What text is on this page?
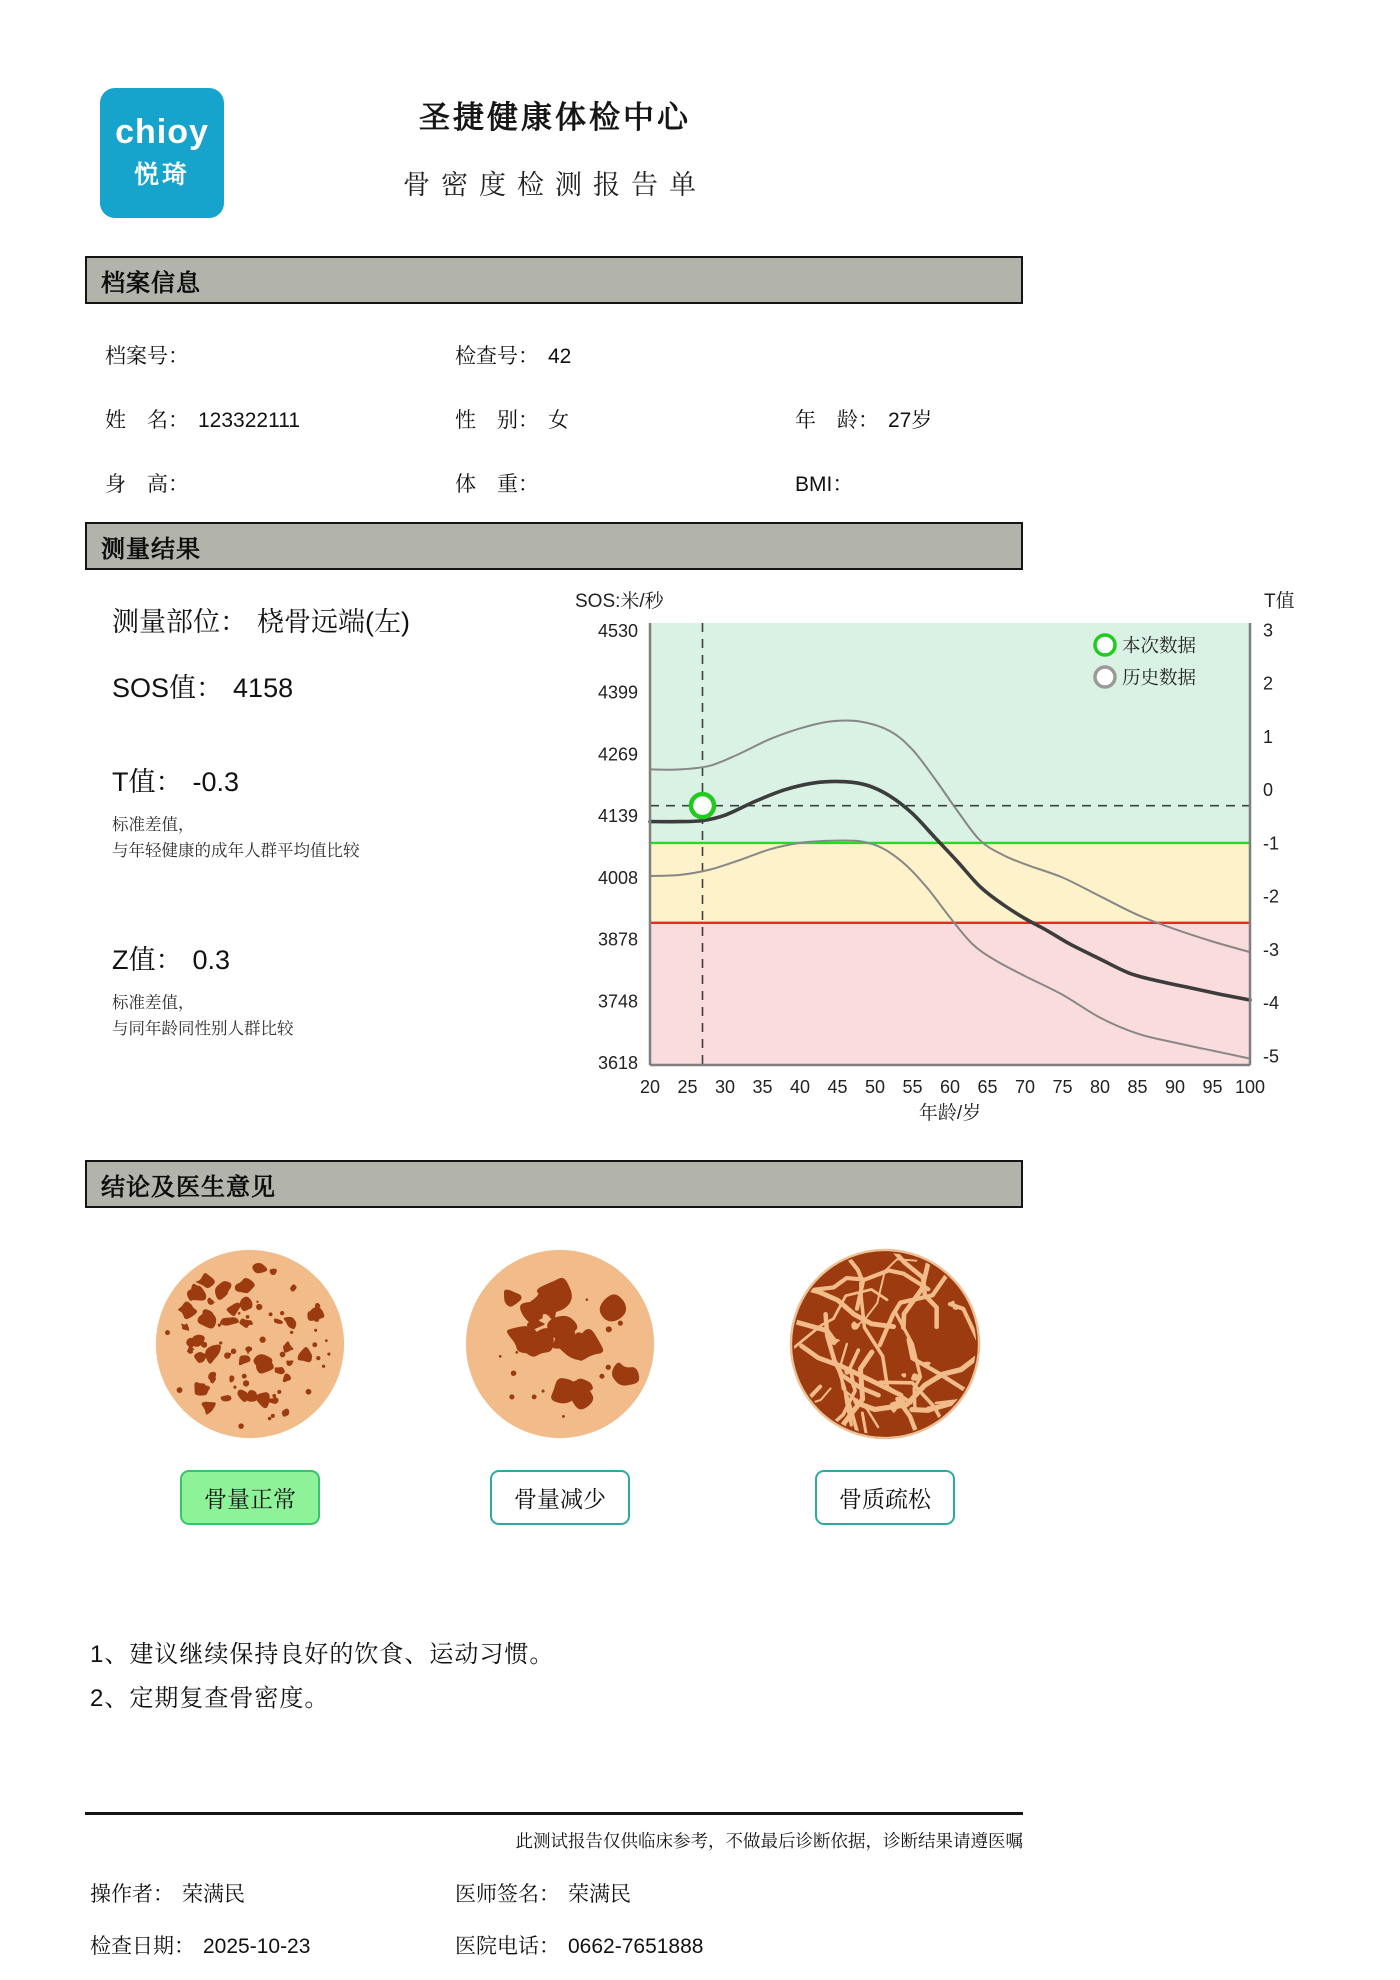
chioy
悦琦
圣捷健康体检中心
骨密度检测报告单
档案信息
档案号：	检查号： 42
姓　名： 123322111	性　别： 女	年　龄： 27岁
身　高：	体　重：	BMI：
测量结果
测量部位： 桡骨远端(左)
SOS值： 4158
T值： -0.3
标准差值，
与年轻健康的成年人群平均值比较
Z值： 0.3
标准差值，
与同年龄同性别人群比较
SOS:米/秒	T值
4530
4399
4269
4139
4008
3878
3748
3618
3
2
1
0
-1
-2
-3
-4
-5
20 25 30 35 40 45 50 55 60 65 70 75 80 85 90 95 100
年龄/岁
本次数据
历史数据
结论及医生意见
骨量正常	骨量减少	骨质疏松
1、建议继续保持良好的饮食、运动习惯。
2、定期复查骨密度。
此测试报告仅供临床参考，不做最后诊断依据，诊断结果请遵医嘱
操作者： 荣满民	医师签名： 荣满民
检查日期： 2025-10-23	医院电话： 0662-7651888
